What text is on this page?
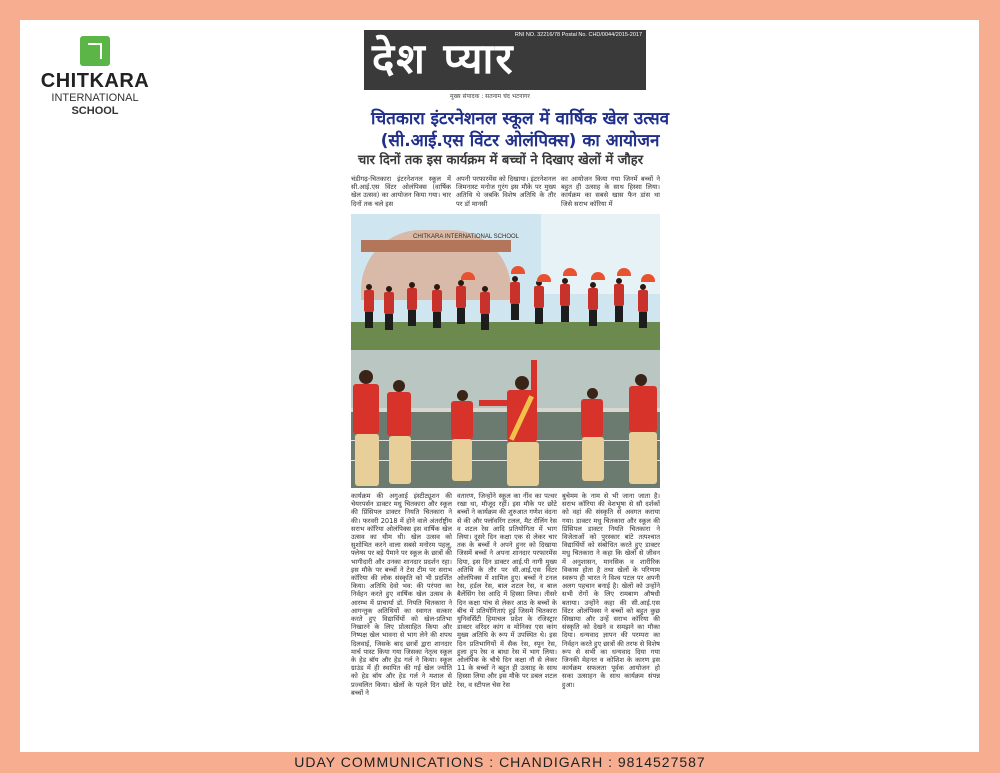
CHITKARA
INTERNATIONAL
SCHOOL
देश प्यार RNI NO. 32216/78 Postal No. CHD/0044/2015-2017
मुख्य संपादक : सतनाम चंद भटनागर
चितकारा इंटरनेशनल स्कूल में वार्षिक खेल उत्सव
(सी.आई.एस विंटर ओलंपिक्स) का आयोजन
चार दिनों तक इस कार्यक्रम में बच्चों ने दिखाए खेलों में जौहर
चंडीगढ़-चितकारा इंटरनेशनल स्कूल में सी.आई.एस विंटर ओलंपिक्स (वार्षिक खेल उत्सव) का आयोजन किया गया। चार दिनों तक चले इस
अपनी परफारमेंस को दिखाया। इंटरनेशनल जिमनास्ट मनोज गुरंग इस मौके पर मुख्य अतिथि थे जबकि विशेष अतिथि के तौर पर डॉ मानसी
का आयोजन किया गया जिनमें बच्चों ने बहुत ही उत्साह के साथ हिस्सा लिया। कार्यक्रम का सबसे खास फैन डांस था जिसे सराभ कॉरिया में
CHITKARA INTERNATIONAL SCHOOL
कार्यक्रम की अगुआई इंस्टीट्यूशन की चेयरपर्सन डाक्टर मधु चितकारा और स्कूल की प्रिंसिपल डाक्टर नियति चितकारा ने की। फरवरी 2018 में होने वाले अंतर्राष्ट्रीय सराभ कॉरिया ओलंपिक्स इस वार्षिक खेल उत्सव का थीम थी। खेल उत्सव को सुशोभित करने वाला सबसे मनोरम पहलू, फ्लेग्स पर बड़े पैमाने पर स्कूल के छात्रों की भागीदारी और उनका शानदार प्रदर्शन रहा। इस मौके पर बच्चों ने टेस टीम पर सराभ कॉरिया की लोक संस्कृति को भी प्रदर्शित किया। अतिथि देवो भव: की परंपरा का निर्वहन करते हुए वार्षिक खेल उत्सव के आरम्भ में प्राचार्या डॉ. नियति चितकारा ने आगन्तुक अतिथियों का स्वागत सत्कार करते हुए विद्यार्थियों को खेल-प्रतिभा निखारने के लिए प्रोत्साहित किया और निष्पक्ष खेल भावना से भाग लेने की शपथ दिलवाई, जिसके बाद छात्रों द्वारा शानदार मार्च पास्ट किया गया जिसका नेतृत्व स्कूल के हेड बॉय और हेड गर्ल ने किया। स्कूल ग्राउंड में ही स्थापित की गई खेल ज्योति को हेड बॉय और हेड गर्ल ने मशाल से प्रज्वलित किया। खेलों के पहले दिन छोटे बच्चों ने
वतारण, जिन्होंने स्कूल का नींव का पत्थर रखा था, मौजूद रहीं। इस मौके पर छोटे बच्चों ने कार्यक्रम की शुरुआत गणेश वंदना से की और फ्लॉवरिंग टलल, मैट रोलिंग रेस व शटल रेस आदि प्रतियोगिता में भाग लिया। दूसरे दिन कक्षा एक से लेकर चार तक के बच्चों ने अपने हुनर को दिखाया जिसमें बच्चों ने अपना शानदार परफारमेंस दिया, इस दिन डाक्टर आई.पी नागी मुख्य अतिथि के तौर पर सी.आई.एस विंटर ओलंपिक्स में शामिल हुए। बच्चों ने टनल रेस, हर्डल रेस, बाल शटल रेस, व बाल बैलेंसिंग रेस आदि में हिस्सा लिया। तीसरे दिन कक्षा पांच से लेकर आठ के बच्चों के बीच में प्रतियोगिताएं हुई जिसमे चितकारा युनिवर्सिटी हिमाचल प्रदेश के रजिस्ट्रार डाक्टर वरिंदर कांग व मोनिका एस कांग मुख्य अतिथि के रूप में उपस्थित थे। इस दिन प्रतिभागियों में सैक रेस, स्पून रेस, हुला हुप रेस व बाधा रेस में भाग लिया। ओलंपिक के चौथे दिन कक्षा नौ से लेकर 11 के बच्चों ने बहुत ही उत्साह के साथ हिस्सा लिया और इस मौके पर डबल शटल रेस, व स्टीपल चेस रेस
बुचेमम के नाम से भी जाना जाता है। सराभ कॉरिया की वेशभूषा से सौ दर्शकों को वहां की संस्कृति से अवगत कराया गया। डाक्टर मधु चितकारा और स्कूल की प्रिंसिपल डाक्टर नियति चितकारा ने विजेताओं को पुरस्कार बांटे तत्पश्चात विद्यार्थियों को संबोधित करते हुए डाक्टर मधु चितकारा ने कहा कि खेलों से जीवन में अनुशासन, मानसिक व शारीरिक विकास होता है तथा खेलों के परिणाम स्वरूप ही भारत ने विश्व पटल पर अपनी अलग पहचान बनाई है। खेलों को उन्होंने सभी रोगों के लिए रामबाण औषधी बताया। उन्होंने कहा की सी.आई.एस विंटर ओलंपिक्स ने बच्चों को बहुत कुछ सिखाया और उन्हें सराभ कॉरिया की संस्कृति को देखने व समझने का मौका दिया। धन्यवाद ज्ञापन की परम्परा का निर्वहन करते हुए छात्रों की तरफ से विशेष रूप से सभी का धन्यवाद दिया गया जिनकी मेहनत व कोशिश के कारण इस कार्यक्रम सफलता पूर्वक आयोजन हो सका उत्साहन के साथ कार्यक्रम संपन्न हुआ।
UDAY COMMUNICATIONS : CHANDIGARH : 9814527587
